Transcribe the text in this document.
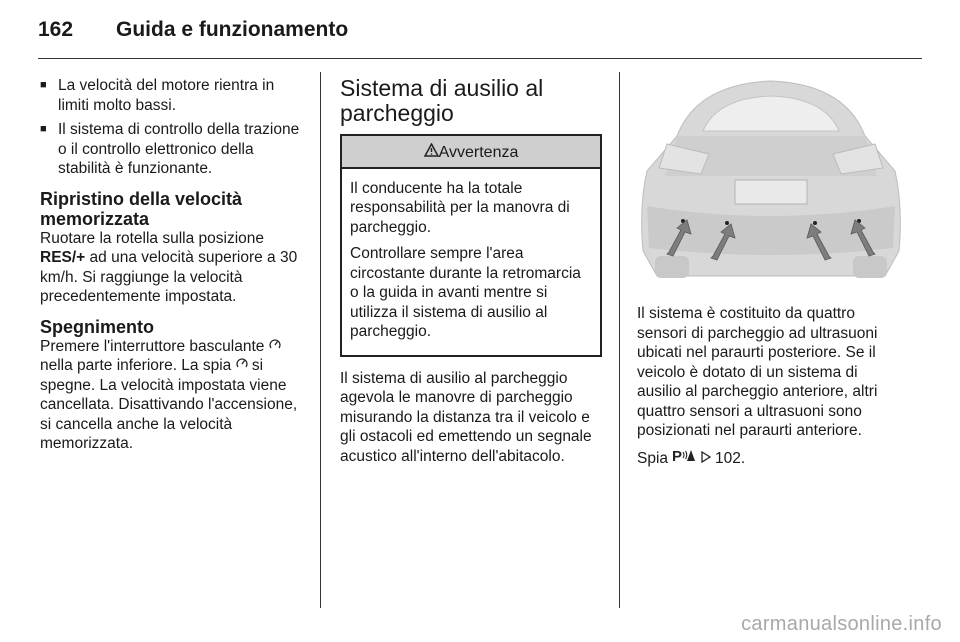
162	Guida e funzionamento
■ La velocità del motore rientra in limiti molto bassi.
■ Il sistema di controllo della trazione o il controllo elettronico della stabilità è funzionante.
Ripristino della velocità memorizzata

Ruotare la rotella sulla posizione
RES/+ ad una velocità superiore a 30 km/h. Si raggiunge la velocità precedentemente impostata.

Spegnimento

Premere l'interruttore basculante  nella parte inferiore. La spia si spegne. La velocità impostata viene cancellata. Disattivando l'accensione, si cancella anche la velocità memorizzata.

Sistema di ausilio al parcheggio
Avvertenza

Il conducente ha la totale responsabilità per la manovra di parcheggio.

Controllare sempre l'area circostante durante la retromarcia o la guida in avanti mentre si utilizza il sistema di ausilio al parcheggio.

Il sistema di ausilio al parcheggio agevola le manovre di parcheggio misurando la distanza tra il veicolo e gli ostacoli ed emettendo un segnale acustico all'interno dell'abitacolo.

Il sistema è costituito da quattro sensori di parcheggio ad ultrasuoni ubicati nel paraurti posteriore. Se il veicolo è dotato di un sistema di ausilio al parcheggio anteriore, altri quattro sensori a ultrasuoni sono posizionati nel paraurti anteriore.

Spia P 102.

carmanualsonline.info
